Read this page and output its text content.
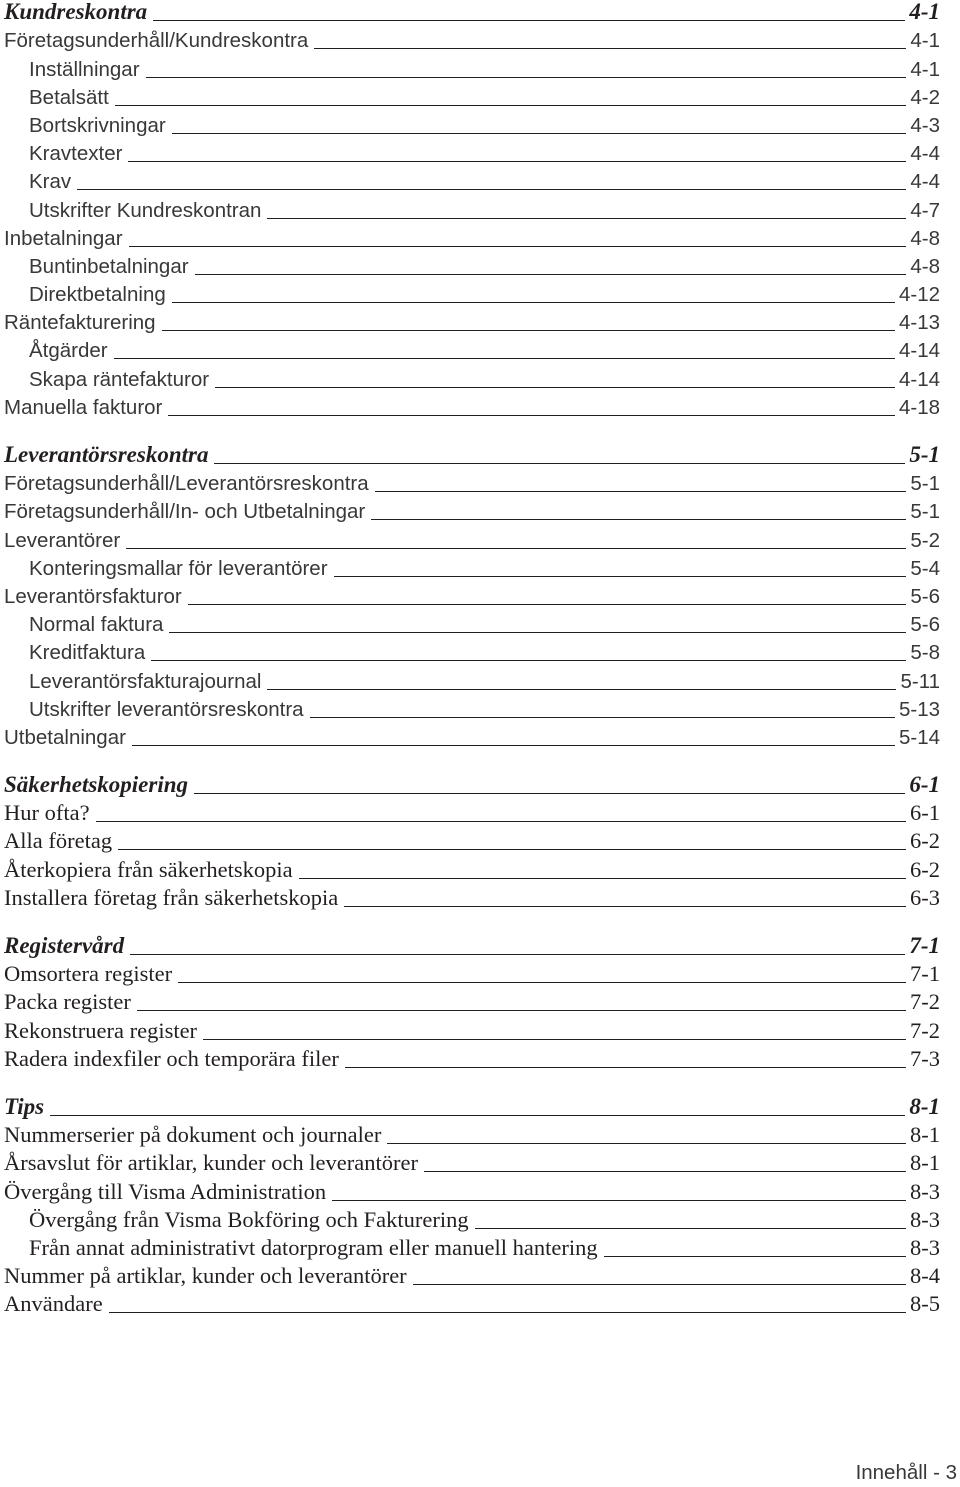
Kundreskontra	4-1
Företagsunderhåll/Kundreskontra	4-1
Inställningar	4-1
Betalsätt	4-2
Bortskrivningar	4-3
Kravtexter	4-4
Krav	4-4
Utskrifter Kundreskontran	4-7
Inbetalningar	4-8
Buntinbetalningar	4-8
Direktbetalning	4-12
Räntefakturering	4-13
Åtgärder	4-14
Skapa räntefakturor	4-14
Manuella fakturor	4-18
Leverantörsreskontra	5-1
Företagsunderhåll/Leverantörsreskontra	5-1
Företagsunderhåll/In- och Utbetalningar	5-1
Leverantörer	5-2
Konteringsmallar för leverantörer	5-4
Leverantörsfakturor	5-6
Normal faktura	5-6
Kreditfaktura	5-8
Leverantörsfakturajournal	5-11
Utskrifter leverantörsreskontra	5-13
Utbetalningar	5-14
Säkerhetskopiering	6-1
Hur ofta?	6-1
Alla företag	6-2
Återkopiera från säkerhetskopia	6-2
Installera företag från säkerhetskopia	6-3
Registervård	7-1
Omsortera register	7-1
Packa register	7-2
Rekonstruera register	7-2
Radera indexfiler och temporära filer	7-3
Tips	8-1
Nummerserier på dokument och journaler	8-1
Årsavslut för artiklar, kunder och leverantörer	8-1
Övergång till Visma Administration	8-3
Övergång från Visma Bokföring och Fakturering	8-3
Från annat administrativt datorprogram eller manuell hantering	8-3
Nummer på artiklar, kunder och leverantörer	8-4
Användare	8-5
Innehåll - 3
